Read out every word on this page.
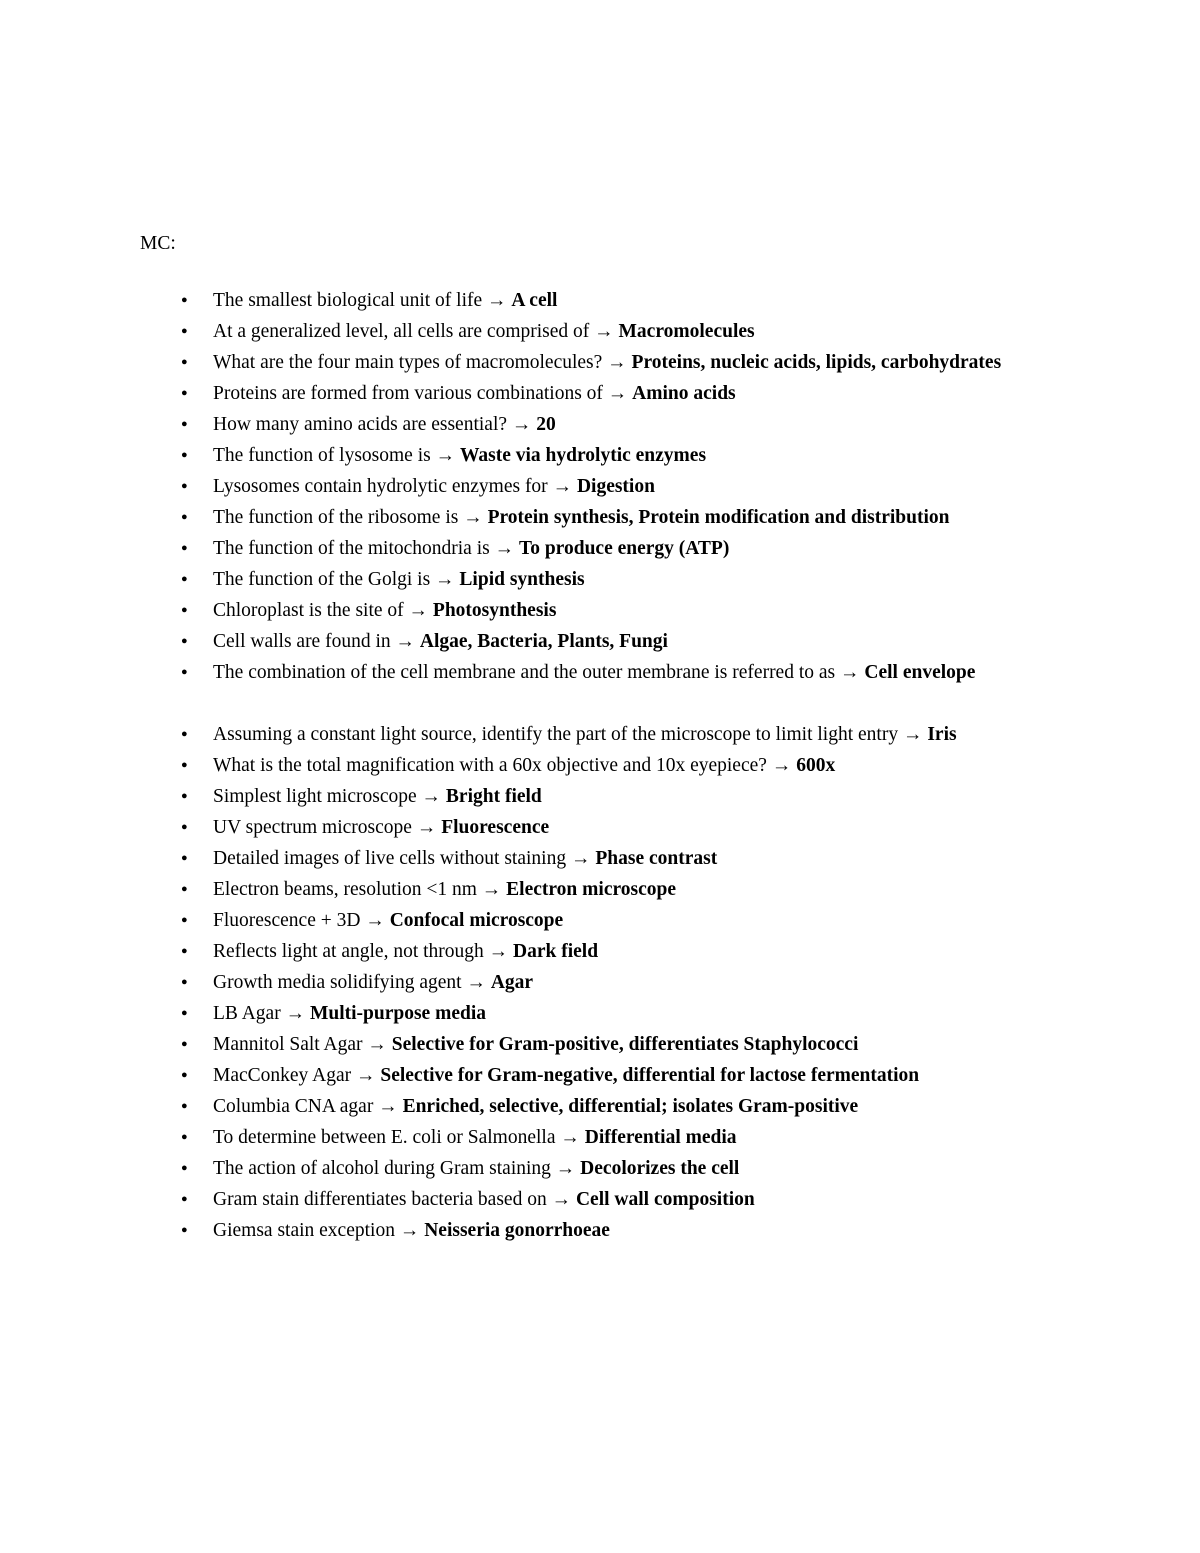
MC:
●	The smallest biological unit of life → A cell
●	At a generalized level, all cells are comprised of → Macromolecules
●	What are the four main types of macromolecules? → Proteins, nucleic acids, lipids, carbohydrates
●	Proteins are formed from various combinations of → Amino acids
●	How many amino acids are essential? → 20
●	The function of lysosome is → Waste via hydrolytic enzymes
●	Lysosomes contain hydrolytic enzymes for → Digestion
●	The function of the ribosome is → Protein synthesis, Protein modification and distribution
●	The function of the mitochondria is → To produce energy (ATP)
●	The function of the Golgi is → Lipid synthesis
●	Chloroplast is the site of → Photosynthesis
●	Cell walls are found in → Algae, Bacteria, Plants, Fungi
●	The combination of the cell membrane and the outer membrane is referred to as → Cell envelope
●	Assuming a constant light source, identify the part of the microscope to limit light entry → Iris
●	What is the total magnification with a 60x objective and 10x eyepiece? → 600x
●	Simplest light microscope → Bright field
●	UV spectrum microscope → Fluorescence
●	Detailed images of live cells without staining → Phase contrast
●	Electron beams, resolution <1 nm → Electron microscope
●	Fluorescence + 3D → Confocal microscope
●	Reflects light at angle, not through → Dark field
●	Growth media solidifying agent → Agar
●	LB Agar → Multi-purpose media
●	Mannitol Salt Agar → Selective for Gram-positive, differentiates Staphylococci
●	MacConkey Agar → Selective for Gram-negative, differential for lactose fermentation
●	Columbia CNA agar → Enriched, selective, differential; isolates Gram-positive
●	To determine between E. coli or Salmonella → Differential media
●	The action of alcohol during Gram staining → Decolorizes the cell
●	Gram stain differentiates bacteria based on → Cell wall composition
●	Giemsa stain exception → Neisseria gonorrhoeae
